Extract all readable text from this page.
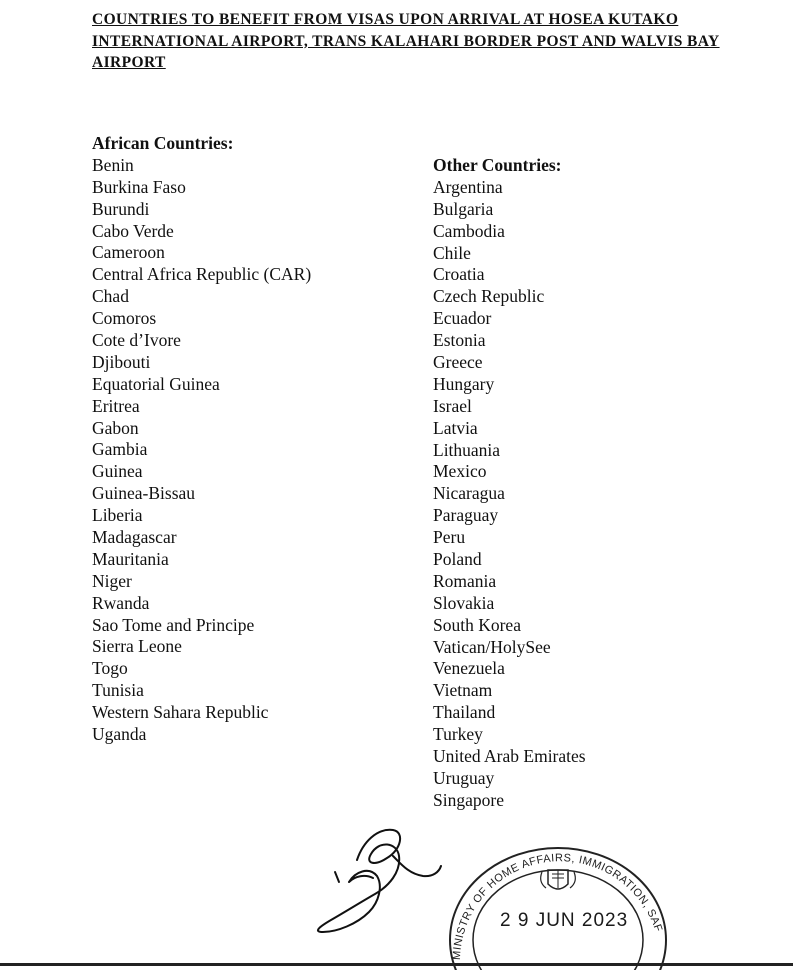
COUNTRIES TO BENEFIT FROM VISAS UPON ARRIVAL AT HOSEA KUTAKO INTERNATIONAL AIRPORT, TRANS KALAHARI BORDER POST AND WALVIS BAY AIRPORT
African Countries:
Benin
Burkina Faso
Burundi
Cabo Verde
Cameroon
Central Africa Republic (CAR)
Chad
Comoros
Cote d’Ivore
Djibouti
Equatorial Guinea
Eritrea
Gabon
Gambia
Guinea
Guinea-Bissau
Liberia
Madagascar
Mauritania
Niger
Rwanda
Sao Tome and Principe
Sierra Leone
Togo
Tunisia
Western Sahara Republic
Uganda
Other Countries:
Argentina
Bulgaria
Cambodia
Chile
Croatia
Czech Republic
Ecuador
Estonia
Greece
Hungary
Israel
Latvia
Lithuania
Mexico
Nicaragua
Paraguay
Peru
Poland
Romania
Slovakia
South Korea
Vatican/HolySee
Venezuela
Vietnam
Thailand
Turkey
United Arab Emirates
Uruguay
Singapore
MINISTRY OF HOME AFFAIRS, IMMIGRATION, SAFETY
2 9 JUN 2023
